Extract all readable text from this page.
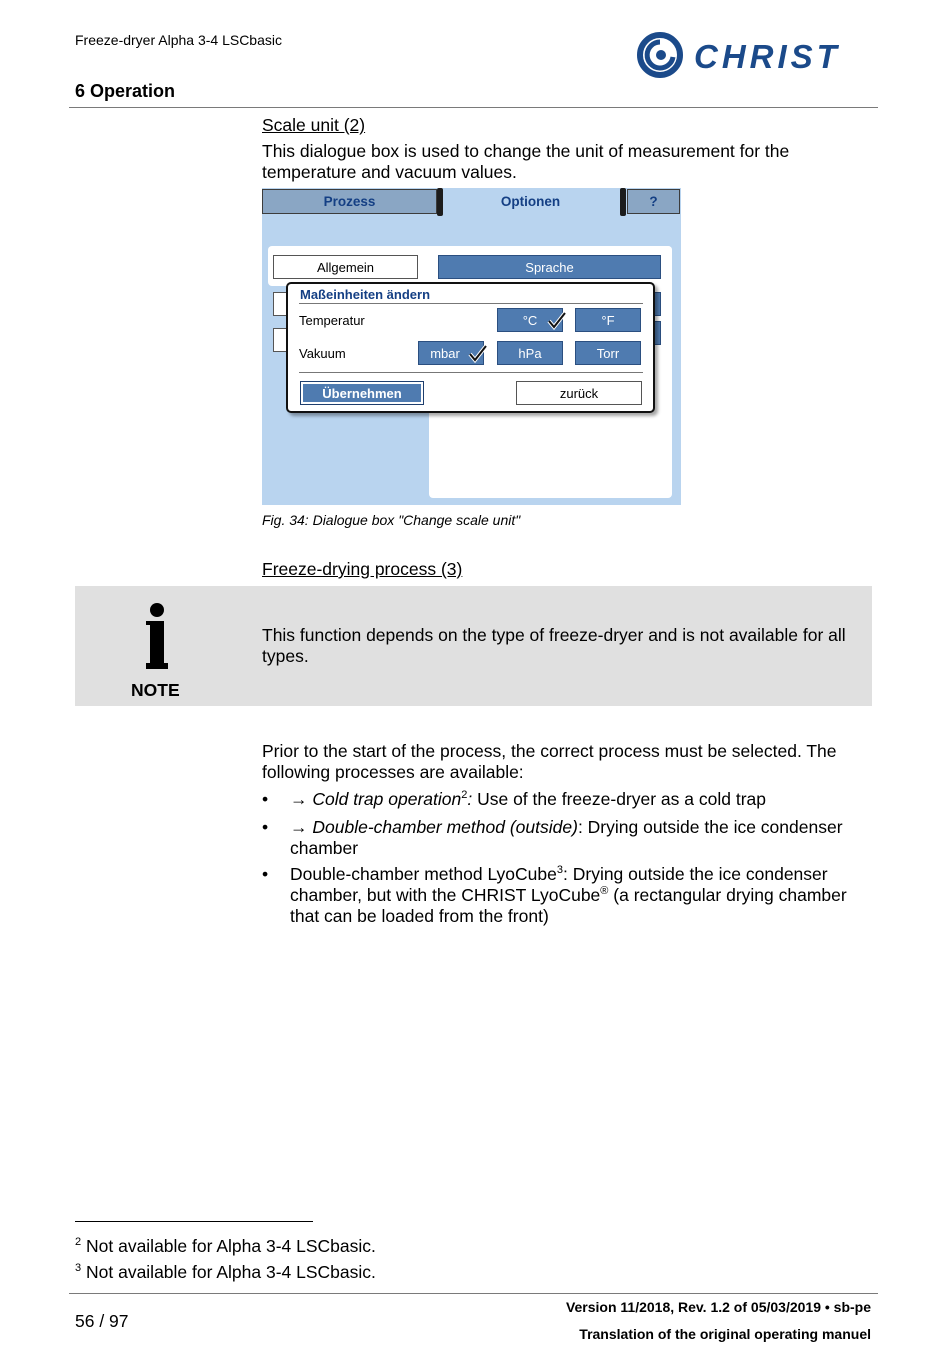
Freeze-dryer Alpha 3-4 LSCbasic	CHRIST
6 Operation
Scale unit (2)
This dialogue box is used to change the unit of measurement for the temperature and vacuum values.
Prozess	Optionen	?
Allgemein	Sprache
Maßeinheiten ändern
Temperatur	°C	°F
Vakuum	mbar	hPa	Torr
Übernehmen	zurück
Fig. 34: Dialogue box "Change scale unit"
Freeze-drying process (3)
NOTE
This function depends on the type of freeze-dryer and is not available for all types.
Prior to the start of the process, the correct process must be selected. The following processes are available:
• → Cold trap operation$^2$: Use of the freeze-dryer as a cold trap
• → Double-chamber method (outside): Drying outside the ice condenser chamber
• Double-chamber method LyoCube$^3$: Drying outside the ice condenser chamber, but with the CHRIST LyoCube® (a rectangular drying chamber that can be loaded from the front)
$^2$ Not available for Alpha 3-4 LSCbasic.
$^3$ Not available for Alpha 3-4 LSCbasic.
56 / 97
Version 11/2018, Rev. 1.2 of 05/03/2019 • sb-pe
Translation of the original operating manuel
